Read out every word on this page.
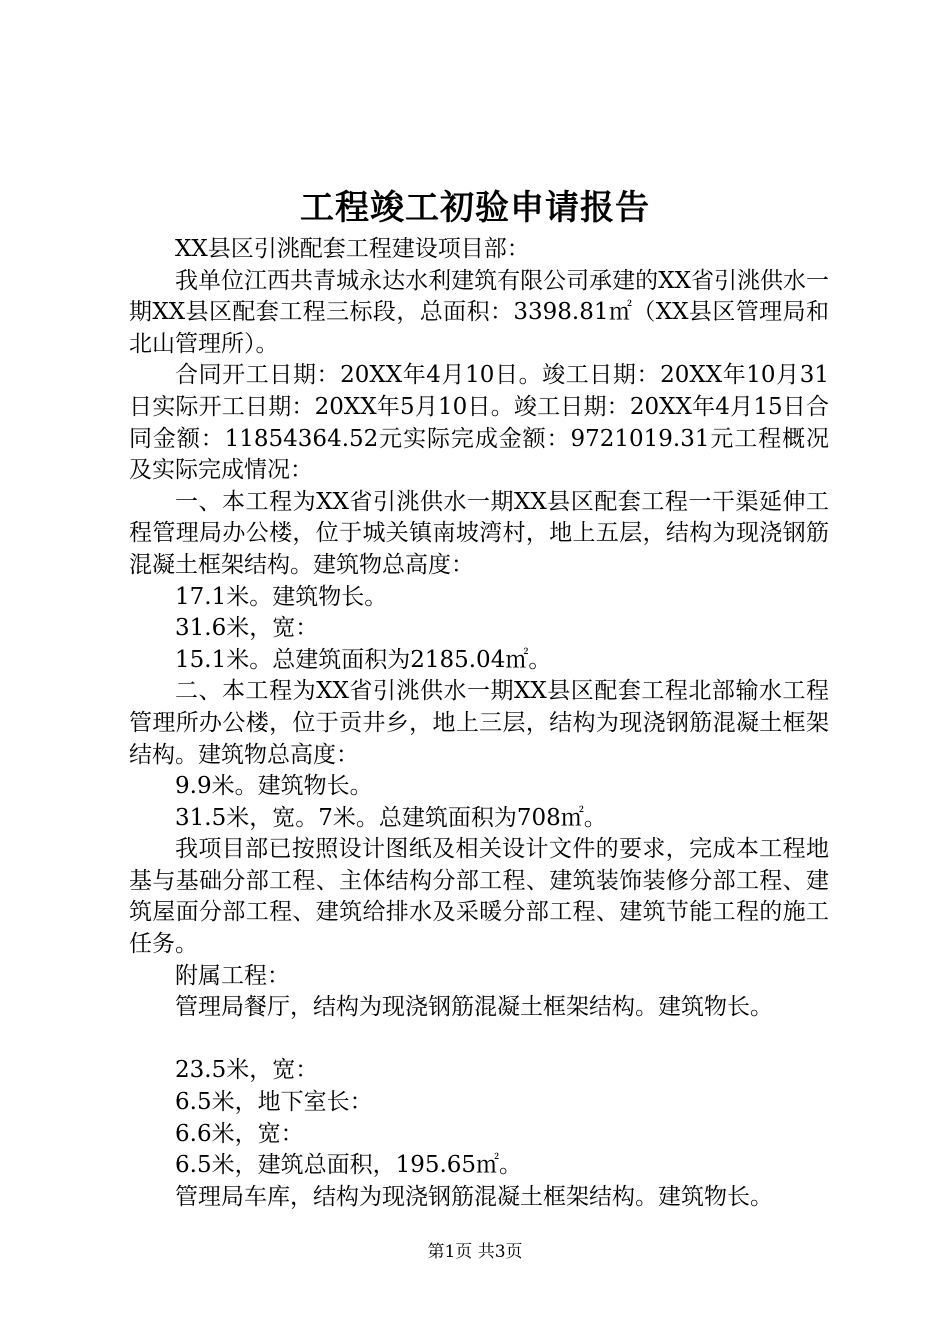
工程竣工初验申请报告

XX县区引洮配套工程建设项目部：

我单位江西共青城永达水利建筑有限公司承建的XX省引洮供水一期XX县区配套工程三标段，总面积：3398.81㎡（XX县区管理局和北山管理所）。

合同开工日期：20XX年4月10日。竣工日期：20XX年10月31日实际开工日期：20XX年5月10日。竣工日期：20XX年4月15日合同金额：11854364.52元实际完成金额：9721019.31元工程概况及实际完成情况：

一、本工程为XX省引洮供水一期XX县区配套工程一干渠延伸工程管理局办公楼，位于城关镇南坡湾村，地上五层，结构为现浇钢筋混凝土框架结构。建筑物总高度：

17.1米。建筑物长。

31.6米，宽：

15.1米。总建筑面积为2185.04㎡。

二、本工程为XX省引洮供水一期XX县区配套工程北部输水工程管理所办公楼，位于贡井乡，地上三层，结构为现浇钢筋混凝土框架结构。建筑物总高度：

9.9米。建筑物长。

31.5米，宽。7米。总建筑面积为708㎡。

我项目部已按照设计图纸及相关设计文件的要求，完成本工程地基与基础分部工程、主体结构分部工程、建筑装饰装修分部工程、建筑屋面分部工程、建筑给排水及采暖分部工程、建筑节能工程的施工任务。

附属工程：

管理局餐厅，结构为现浇钢筋混凝土框架结构。建筑物长。

23.5米，宽：

6.5米，地下室长：

6.6米，宽：

6.5米，建筑总面积，195.65㎡。

管理局车库，结构为现浇钢筋混凝土框架结构。建筑物长。

第1页 共3页
